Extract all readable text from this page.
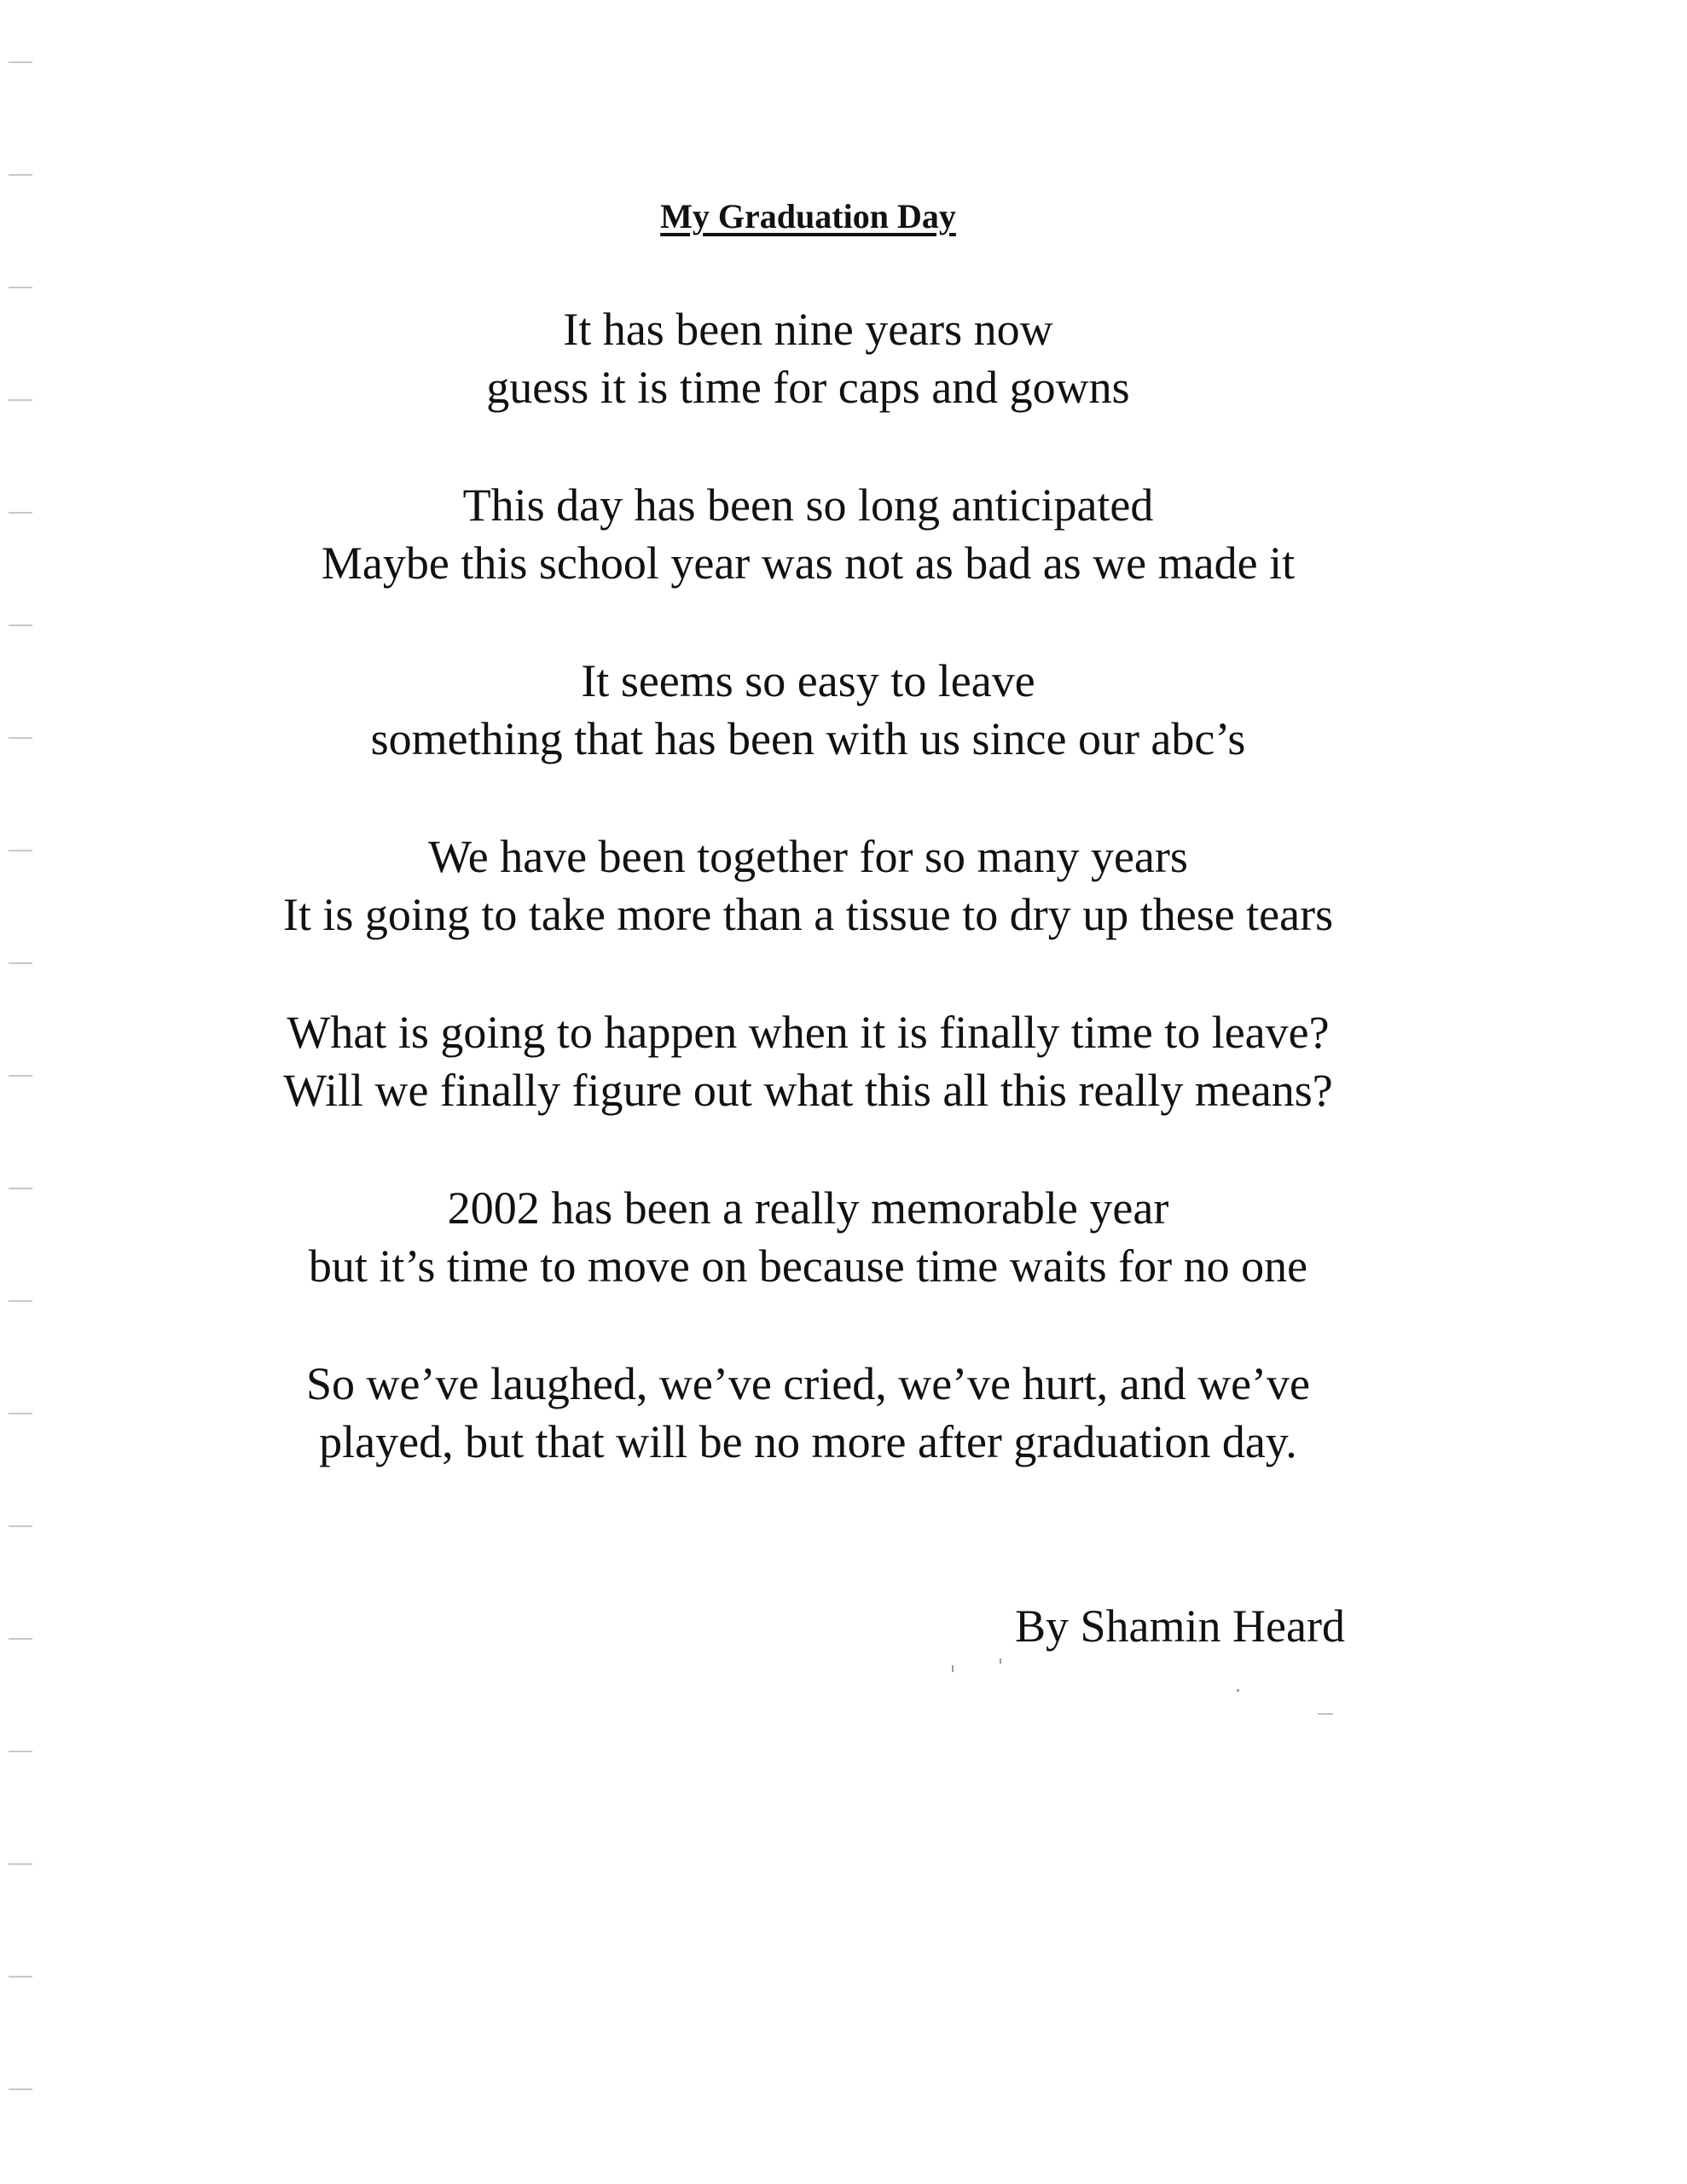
My Graduation Day
It has been nine years now
guess it is time for caps and gowns
This day has been so long anticipated
Maybe this school year was not as bad as we made it
It seems so easy to leave
something that has been with us since our abc’s
We have been together for so many years
It is going to take more than a tissue to dry up these tears
What is going to happen when it is finally time to leave?
Will we finally figure out what this all this really means?
2002 has been a really memorable year
but it’s time to move on because time waits for no one
So we’ve laughed, we’ve cried, we’ve hurt, and we’ve
played, but that will be no more after graduation day.
By Shamin Heard
